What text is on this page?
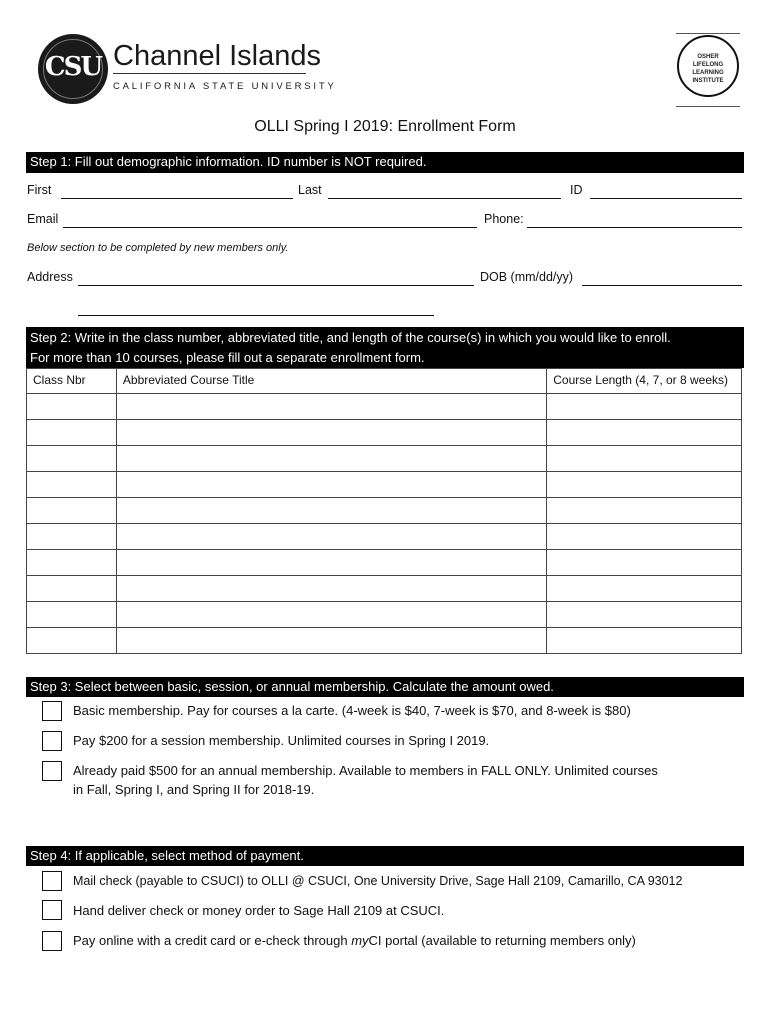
CSU Channel Islands
CALIFORNIA STATE UNIVERSITY
OSHER
LIFELONG
LEARNING
INSTITUTE
OLLI Spring I 2019: Enrollment Form
Step 1: Fill out demographic information. ID number is NOT required.
First	Last	ID
Email	Phone:
Below section to be completed by new members only.
Address	DOB (mm/dd/yy)
Step 2: Write in the class number, abbreviated title, and length of the course(s) in which you would like to enroll.
For more than 10 courses, please fill out a separate enrollment form.
Class Nbr	Abbreviated Course Title	Course Length (4, 7, or 8 weeks)

Step 3: Select between basic, session, or annual membership. Calculate the amount owed.
Basic membership. Pay for courses a la carte. (4-week is $40, 7-week is $70, and 8-week is $80)
Pay $200 for a session membership. Unlimited courses in Spring I 2019.
Already paid $500 for an annual membership. Available to members in FALL ONLY. Unlimited courses
in Fall, Spring I, and Spring II for 2018-19.
Step 4: If applicable, select method of payment.
Mail check (payable to CSUCI) to OLLI @ CSUCI, One University Drive, Sage Hall 2109, Camarillo, CA 93012
Hand deliver check or money order to Sage Hall 2109 at CSUCI.
Pay online with a credit card or e-check through myCI portal (available to returning members only)
